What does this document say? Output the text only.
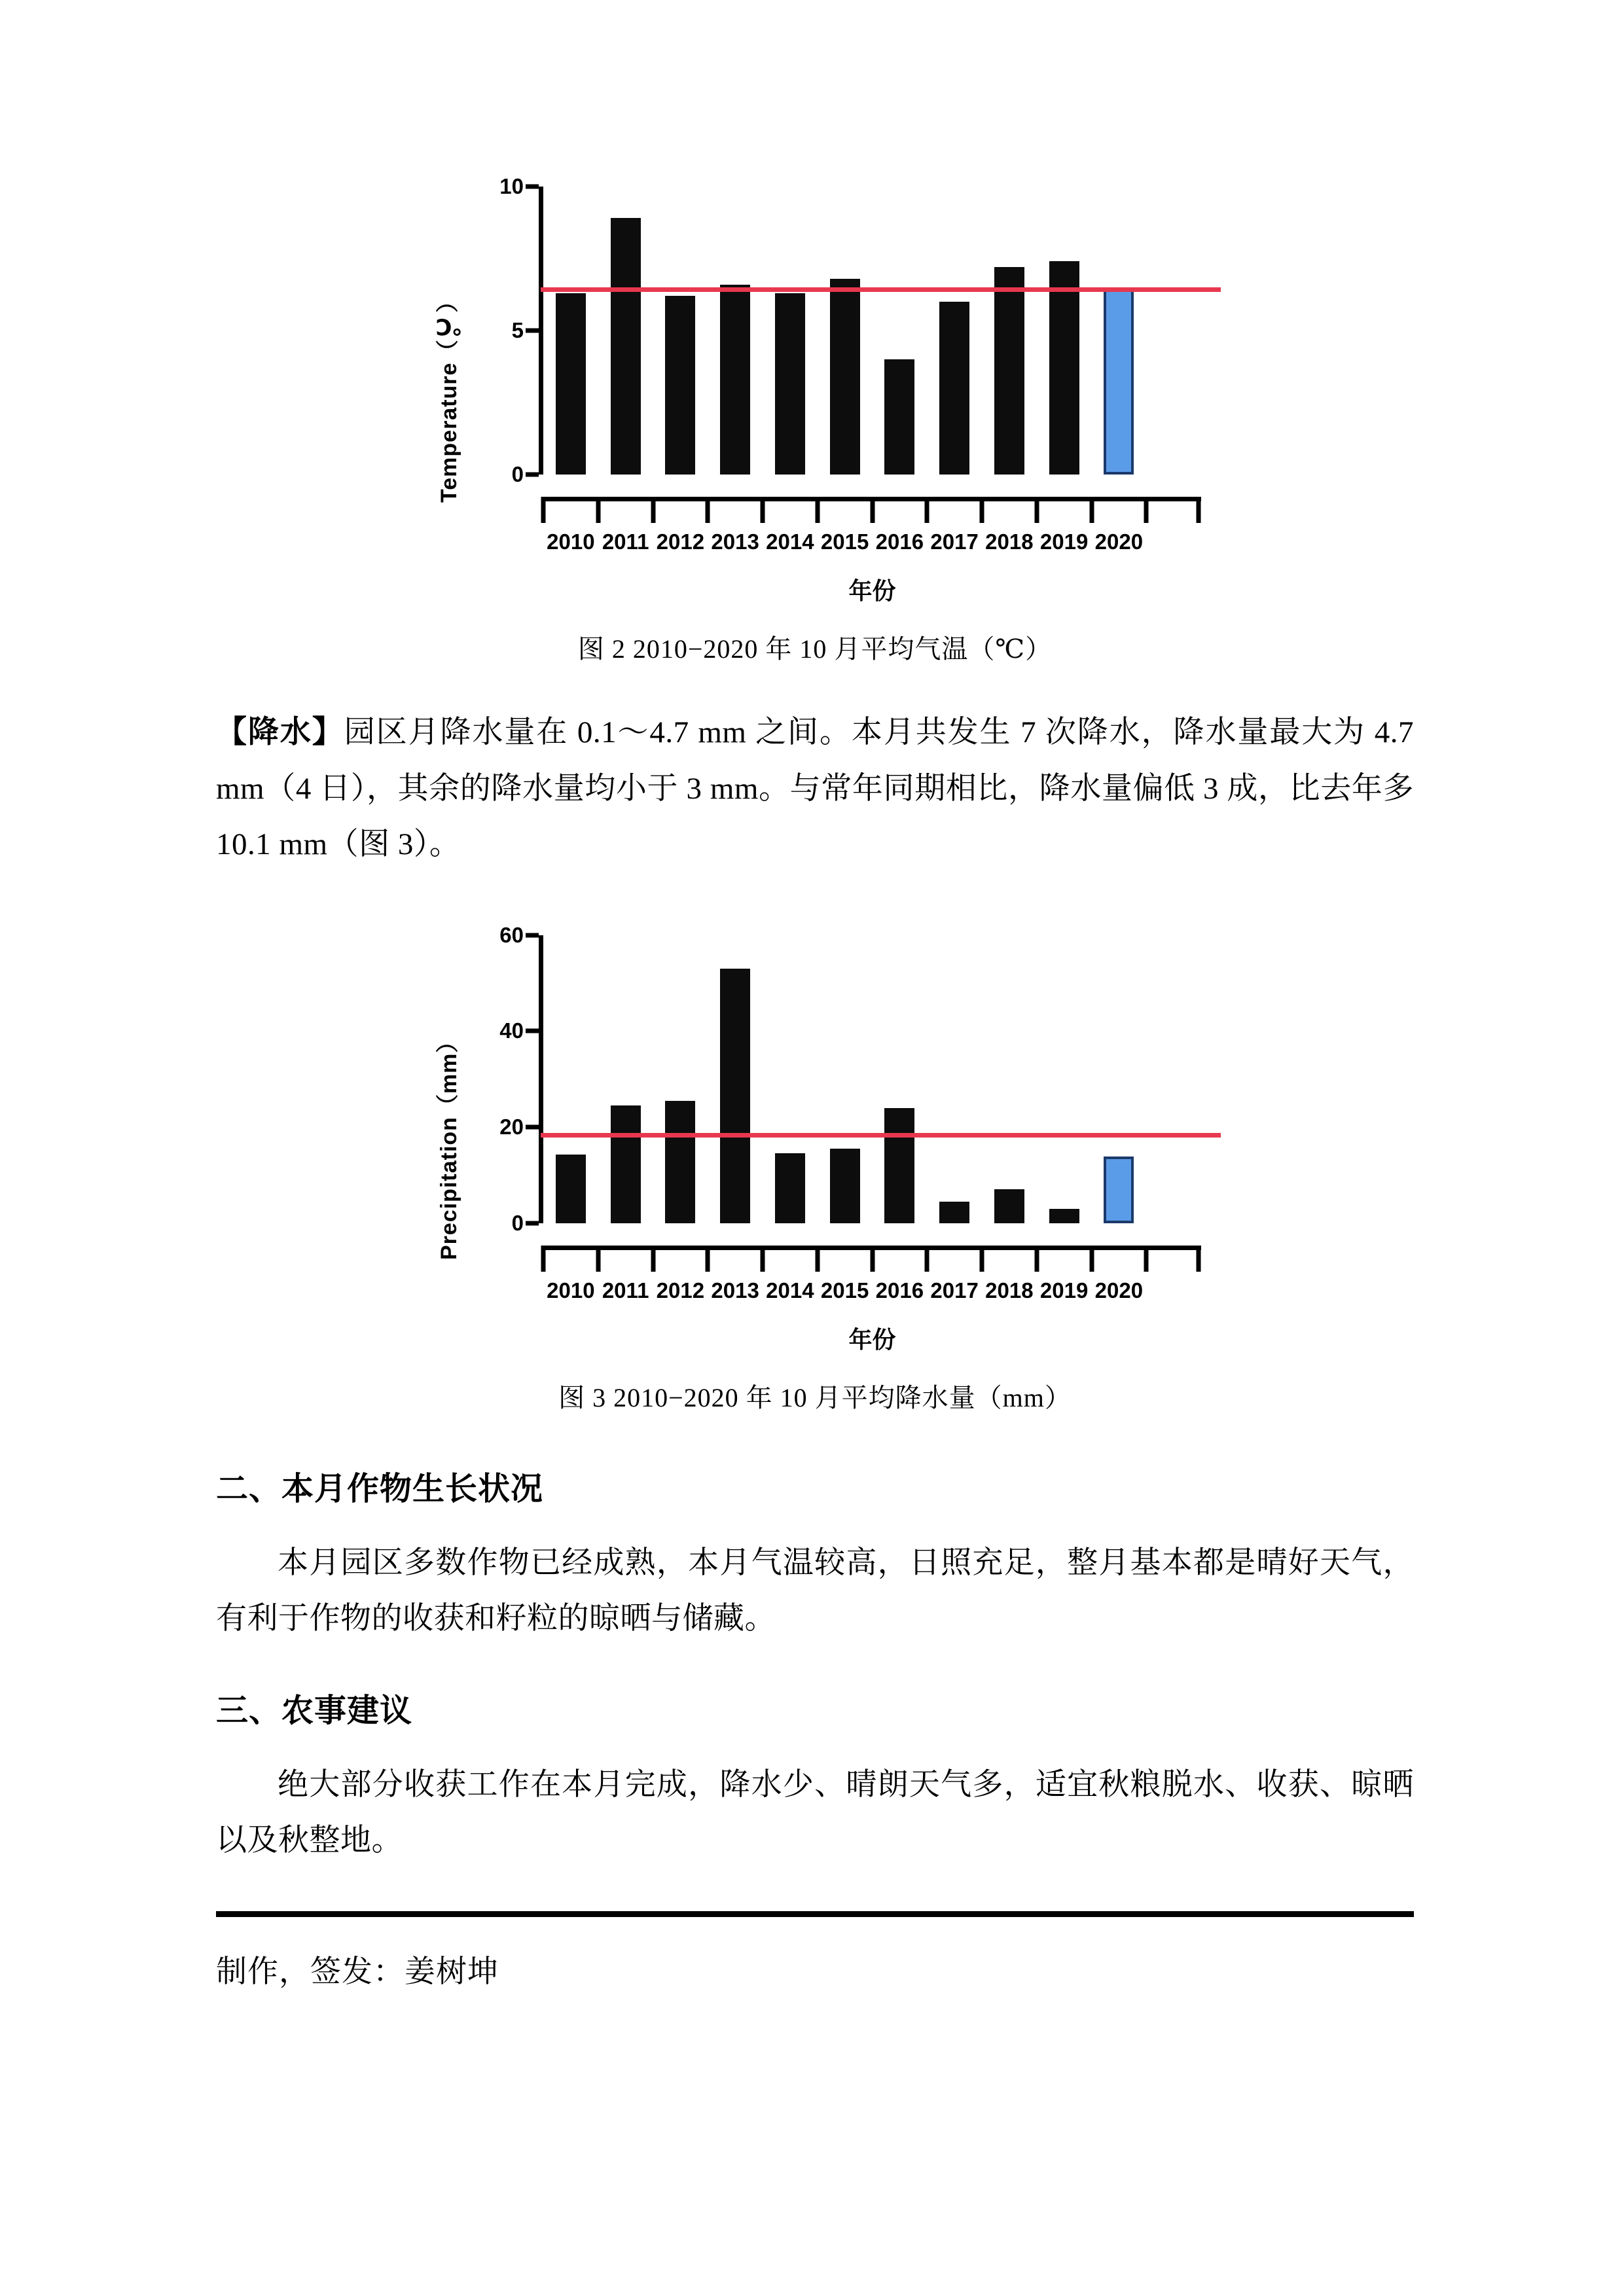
Temperature（℃） 0
5
10
2010 2011 2012 2013 2014 2015 2016 2017 2018 2019 2020
年份
图 2 2010−2020 年 10 月平均气温（℃）

【降水】园区月降水量在 0.1～4.7 mm 之间。本月共发生 7 次降水，降水量最大为 4.7 mm（4 日），其余的降水量均小于 3 mm。与常年同期相比，降水量偏低 3 成，比去年多 10.1 mm（图 3）。

Precipitation（mm） 0
20
40
60
2010 2011 2012 2013 2014 2015 2016 2017 2018 2019 2020
年份
图 3 2010−2020 年 10 月平均降水量（mm）
二、本月作物生长状况

本月园区多数作物已经成熟，本月气温较高，日照充足，整月基本都是晴好天气，有利于作物的收获和籽粒的晾晒与储藏。

三、农事建议

绝大部分收获工作在本月完成，降水少、晴朗天气多，适宜秋粮脱水、收获、晾晒以及秋整地。

制作，签发：姜树坤
